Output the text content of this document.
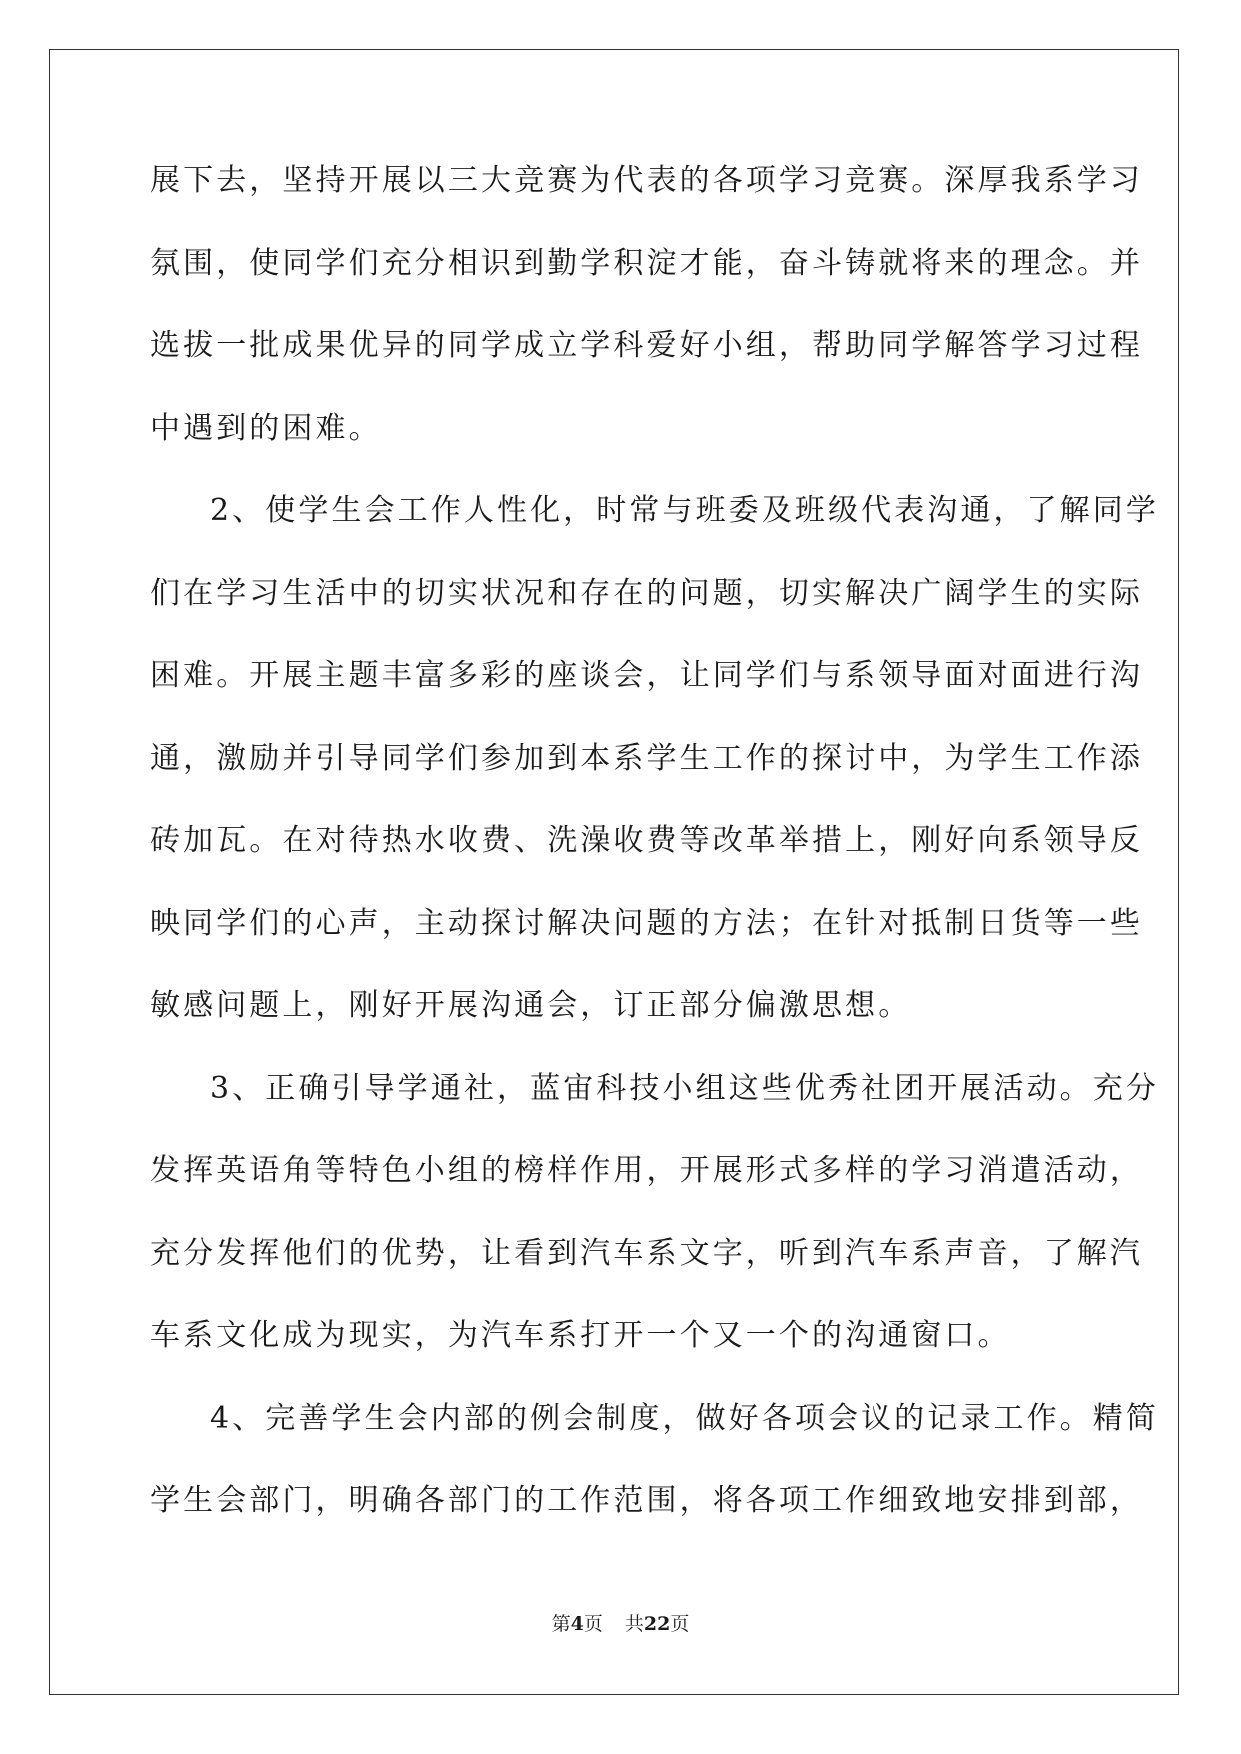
展下去，坚持开展以三大竞赛为代表的各项学习竞赛。深厚我系学习
氛围，使同学们充分相识到勤学积淀才能，奋斗铸就将来的理念。并
选拔一批成果优异的同学成立学科爱好小组，帮助同学解答学习过程
中遇到的困难。
2、使学生会工作人性化，时常与班委及班级代表沟通，了解同学
们在学习生活中的切实状况和存在的问题，切实解决广阔学生的实际
困难。开展主题丰富多彩的座谈会，让同学们与系领导面对面进行沟
通，激励并引导同学们参加到本系学生工作的探讨中，为学生工作添
砖加瓦。在对待热水收费、洗澡收费等改革举措上，刚好向系领导反
映同学们的心声，主动探讨解决问题的方法；在针对抵制日货等一些
敏感问题上，刚好开展沟通会，订正部分偏激思想。
3、正确引导学通社，蓝宙科技小组这些优秀社团开展活动。充分
发挥英语角等特色小组的榜样作用，开展形式多样的学习消遣活动，
充分发挥他们的优势，让看到汽车系文字，听到汽车系声音，了解汽
车系文化成为现实，为汽车系打开一个又一个的沟通窗口。
4、完善学生会内部的例会制度，做好各项会议的记录工作。精简
学生会部门，明确各部门的工作范围，将各项工作细致地安排到部，
第4页 共22页
